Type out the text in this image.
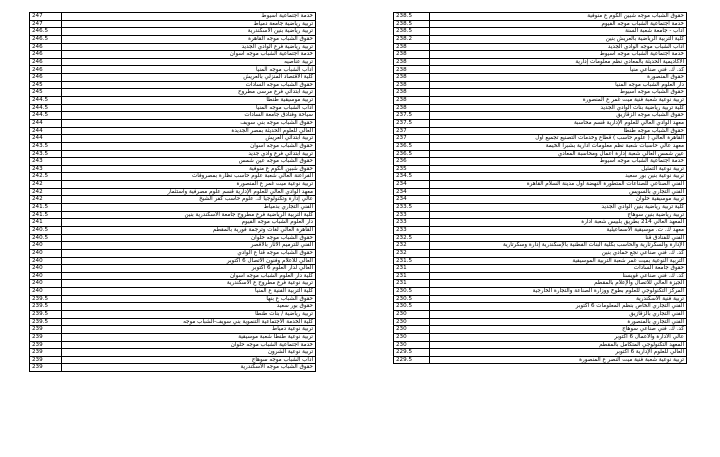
247	خدمة اجتماعية اسيوط
247	تربية رياضية جامعة دمياط
246.5	تربية رياضية بنين الاسكندرية
246.5	حقوق الشباب موجه القاهرة
246	تربية رياضية فرع الوادي الجديد
246	خدمة اجتماعية الشباب موجه اسوان
246	تربية عناصيه
246	اداب الشباب موجه المنيا
246	كلية الاقتصاد المنزلي بالعريش
245	حقوق الشباب موجه السادات
245	تربية ابتدائي فرع مرسى مطروح
244.5	تربية موسيقية طنطا
244.5	اداب الشباب موجه المنيا
244.5	سياحة وفنادق جامعة السادات
244	حقوق الشباب موجه بني سويف
244	العالي للعلوم الحديثة بمصر الجديدة
244	تربية ابتدائي العريش
243.5	حقوق الشباب موجه اسوان
243.5	تربية ابتدائي فرع وادي جديد
243	حقوق الشباب موجه عين شمس
243	حقوق شبين الكوم ع منوفية
242.5	الفراعنة العالي شعبة علوم حاسب نظارة بمصروفات
242	تربية نوعية ميت غمر ع المنصورة
242	معهد الوادي العالي للعلوم الإدارية قسم علوم مصرفية واستثمار
242	عالي إدارة وتكنولوجيا ك. علوم حاسب كفر الشيخ
241.5	الفني التجاري بدمياط
241.5	كلية التربية الرياضية فرع مطروح جامعة الاسكندرية بنين
241	دار العلوم الشباب موجه الفيوم
240.5	القاهرة العالي لغات وترجمة فورية بالمقطم
240.5	حقوق الشباب موجه حلوان
240	الفني للترميم الاثار بالاقصر
240	حقوق الشباب موجه قنا ع الوادي
240	العالي للاعلام وفنون الاتصال 6 اكتوبر
240	العالي لدار العلوم 6 أكتوبر
240	كلية دار العلوم الشباب موجه اسوان
240	تربية نوعية فرع مطروح ع الاسكندرية
240	كلية التربية الفنية ع المنيا
239.5	حقوق الشباب ع بنها
239.5	حقوق بور سعيد
239.5	تربية رياضية / بنات طنطا
239.5	كلية الخدمة الاجتماعية التنموية بني سويف-الشباب موجه
239	تربية نوعية دمياط
239	تربية نوعية طنطا شعبة موسيقية
239	خدمة اجتماعية الشباب موجه حلوان
239	تربية نوعية الشرون
239	اداب الشباب موجه سوهاج
239	حقوق الشباب موجه الاسكندرية
238.5	حقوق الشباب موجه شبين الكوم ع منوفية
238.5	خدمة اجتماعية الشباب موجه الفيوم
238.5	اداب - جامعة شعبة ألسنة
238.2	كلية التربية الرياضية بالعريش بنين
238	اداب الشباب موجه الوادي الجديد
238	خدمة اجتماعية الشباب موجه اسيوط
238	الأكاديمية الحديثة بالمعادي نظم معلومات إدارية
238	كد. ك. فني صناعي منيا
238	حقوق المنصورة
238	دار العلوم الشباب موجه المنيا
238	حقوق الشباب موجه اسيوط
238	تربية نوعية شعبة فنية ميت غمر ع المنصورة
238	كلية تربية رياضية بنات الوادي الجديد
237.5	حقوق الشباب موجه الزقازيق
237.5	معهد الوادي العالي للعلوم الإدارية قسم محاسبة
237	حقوق الشباب موجه طنطا
237	القاهرة العالي ( علوم حاسب ) قطاع وخدمات التصنيع تجميع اول
236.5	معهد عالي حاسبات شعبة نظم معلومات ادارية بشبرا الخيمة
236.5	عين شمس العالي شعبة إدارة أعمال ومحاسبة المعادي
236	خدمة اجتماعية الشباب موجه اسيوط
235	تربية نوعية التمثيل
234.5	تربية نوعية بنين بور سعيد
234	الفني الصناعي للصناعات المتطورة النهضة أول مدينة السلام القاهرة
234	الفني التجاري بالسويس
234	تربية موسيقية حلوان
233.5	كلية تربية رياضية بنين الوادي الجديد
233	تربية رياضية بنين سوهاج
233	المعهد العالي 214 بطريق بلبيس شعبة ادارة
233	معهد ك. ت. موسيقية الاسماعيلية
232.5	الفني للفنادق قنا
232	الإدارة والسكرتارية والحاسب بكلية البنات الفطنية بالإسكندرية إدارة وسكرتارية
232	كد. ك. فني صناعي نجع حمادي بنين
231.5	التربية النوعية بميت غمر شعبة التربية الموسيقية
231	حقوق جامعة السادات
231	كد. ك. فني صناعي قويسنا
231	الجيزة العالي للاتصال والإعلام بالمقطم
230.5	المركز التكنولوجي للعلوم بطوخ ووزارة الصناعة والتجارة الخارجية
230.5	تربية فنية الاسكندرية
230.5	الفني التجاري الخاص بنظم المعلومات 6 اكتوبر
230	الفني التجاري بالزقازيق
230	الفني التجاري بالمنصورة
230	كد. ك. فني صناعي سوهاج
230	عالي الادارة والأعمال 6 أكتوبر
230	المعهد التكنولوجي المتكامل بالمقطم
229.5	العالي للعلوم الإدارية 6 اكتوبر
229.5	تربية نوعية شعبة فنية ميت النصر ع المنصورة
